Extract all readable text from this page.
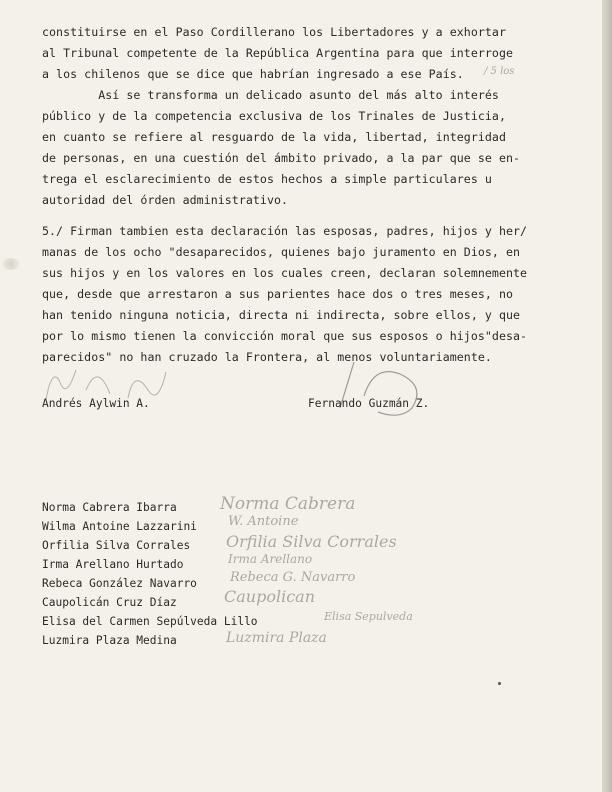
constituirse en el Paso Cordillerano los Libertadores y a exhortar
al Tribunal competente de la República Argentina para que interroge
a los chilenos que se dice que habrían ingresado a ese País. / 5 los
Así se transforma un delicado asunto del más alto interés
público y de la competencia exclusiva de los Trinales de Justicia,
en cuanto se refiere al resguardo de la vida, libertad, integridad
de personas, en una cuestión del ámbito privado, a la par que se en-
trega el esclarecimiento de estos hechos a simple particulares u
autoridad del órden administrativo.
5./ Firman tambien esta declaración las esposas, padres, hijos y her/
manas de los ocho "desaparecidos, quienes bajo juramento en Dios, en
sus hijos y en los valores en los cuales creen, declaran solemnemente
que, desde que arrestaron a sus parientes hace dos o tres meses, no
han tenido ninguna noticia, directa ni indirecta, sobre ellos, y que
por lo mismo tienen la convicción moral que sus esposos o hijos"desa-
parecidos" no han cruzado la Frontera, al menos voluntariamente.
Andrés Aylwin A.	Fernando Guzmán Z.
Norma Cabrera Ibarra
Wilma Antoine Lazzarini
Orfilia Silva Corrales
Irma Arellano Hurtado
Rebeca González Navarro
Caupolicán Cruz Díaz
Elisa del Carmen Sepúlveda Lillo
Luzmira Plaza Medina
Norma Cabrera
W. Antoine
Orfilia Silva Corrales
Irma Arellano
Rebeca G. Navarro
Caupolican
Elisa Sepulveda
Luzmira Plaza
